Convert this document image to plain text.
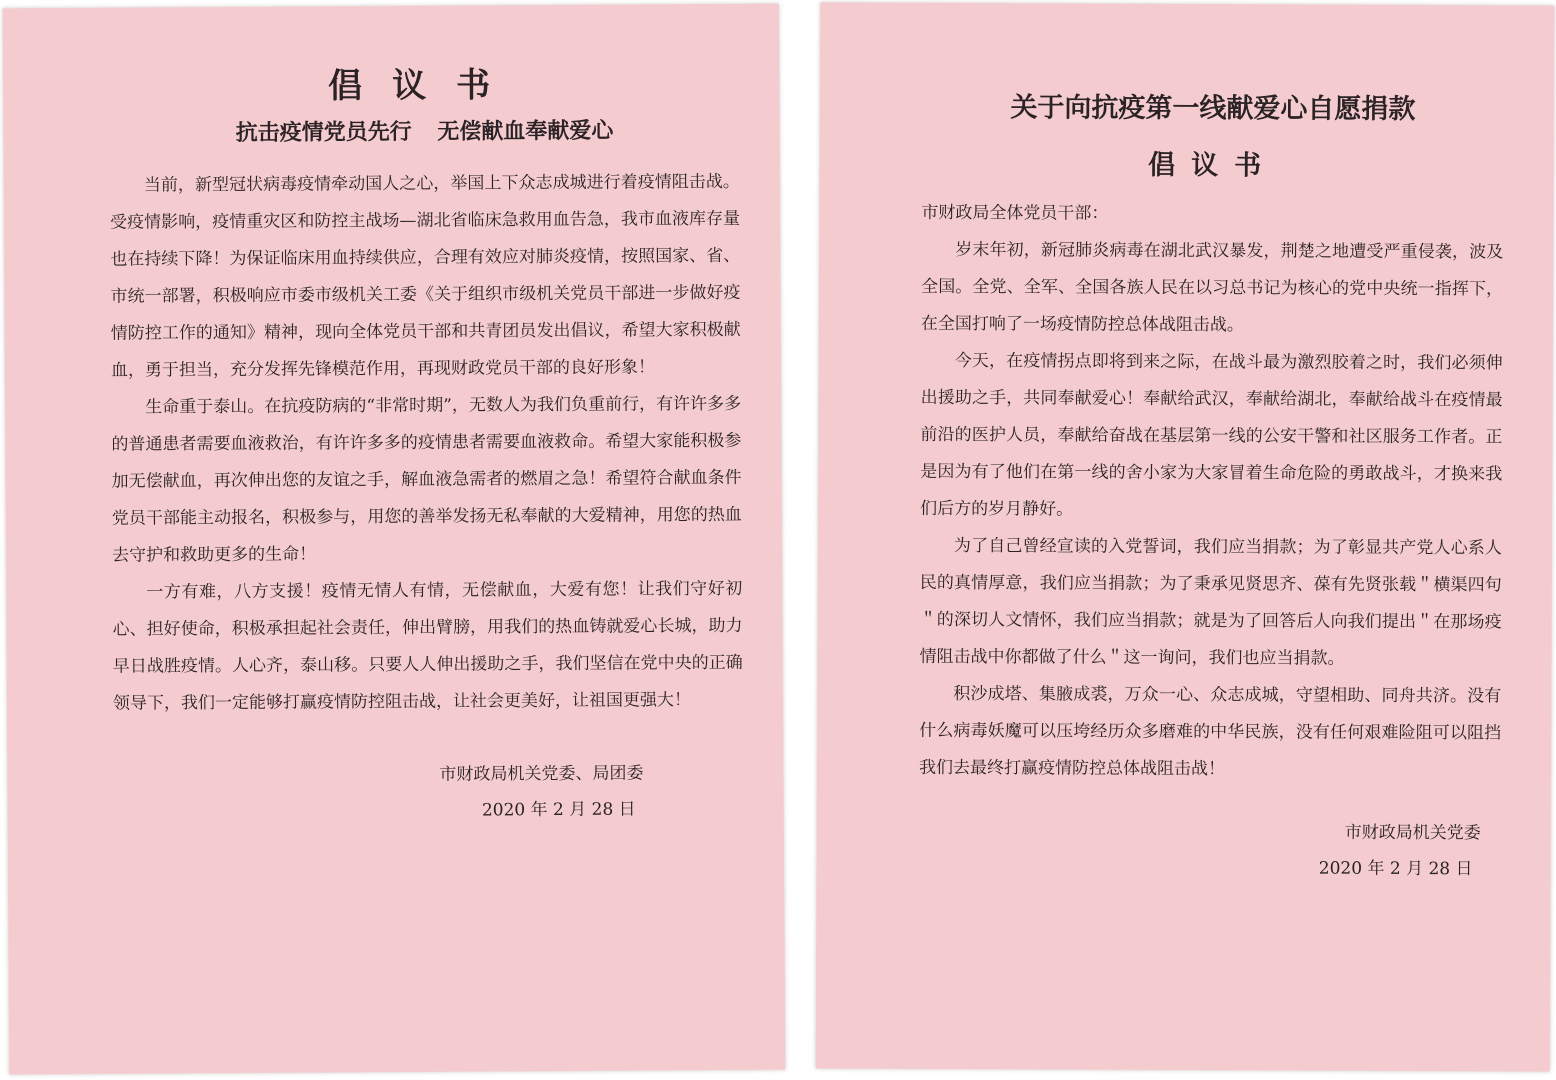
倡议书
抗击疫情党员先行 无偿献血奉献爱心

当前，新型冠状病毒疫情牵动国人之心，举国上下众志成城进行着疫情阻击战。受疫情影响，疫情重灾区和防控主战场—湖北省临床急救用血告急，我市血液库存量也在持续下降！为保证临床用血持续供应，合理有效应对肺炎疫情，按照国家、省、市统一部署，积极响应市委市级机关工委《关于组织市级机关党员干部进一步做好疫情防控工作的通知》精神，现向全体党员干部和共青团员发出倡议，希望大家积极献血，勇于担当，充分发挥先锋模范作用，再现财政党员干部的良好形象！

生命重于泰山。在抗疫防病的“非常时期”，无数人为我们负重前行，有许许多多的普通患者需要血液救治，有许许多多的疫情患者需要血液救命。希望大家能积极参加无偿献血，再次伸出您的友谊之手，解血液急需者的燃眉之急！希望符合献血条件党员干部能主动报名，积极参与，用您的善举发扬无私奉献的大爱精神，用您的热血去守护和救助更多的生命！

一方有难，八方支援！疫情无情人有情，无偿献血，大爱有您！让我们守好初心、担好使命，积极承担起社会责任，伸出臂膀，用我们的热血铸就爱心长城，助力早日战胜疫情。人心齐，泰山移。只要人人伸出援助之手，我们坚信在党中央的正确领导下，我们一定能够打赢疫情防控阻击战，让社会更美好，让祖国更强大！

市财政局机关党委、局团委
2020 年 2 月 28 日
关于向抗疫第一线献爱心自愿捐款
倡议书

市财政局全体党员干部：

岁末年初，新冠肺炎病毒在湖北武汉暴发，荆楚之地遭受严重侵袭，波及全国。全党、全军、全国各族人民在以习总书记为核心的党中央统一指挥下，在全国打响了一场疫情防控总体战阻击战。

今天，在疫情拐点即将到来之际，在战斗最为激烈胶着之时，我们必须伸出援助之手，共同奉献爱心！奉献给武汉，奉献给湖北，奉献给战斗在疫情最前沿的医护人员，奉献给奋战在基层第一线的公安干警和社区服务工作者。正是因为有了他们在第一线的舍小家为大家冒着生命危险的勇敢战斗，才换来我们后方的岁月静好。

为了自己曾经宣读的入党誓词，我们应当捐款；为了彰显共产党人心系人民的真情厚意，我们应当捐款；为了秉承见贤思齐、葆有先贤张载＂横渠四句＂的深切人文情怀，我们应当捐款；就是为了回答后人向我们提出＂在那场疫情阻击战中你都做了什么＂这一询问，我们也应当捐款。

积沙成塔、集腋成裘，万众一心、众志成城，守望相助、同舟共济。没有什么病毒妖魔可以压垮经历众多磨难的中华民族，没有任何艰难险阻可以阻挡我们去最终打赢疫情防控总体战阻击战！

市财政局机关党委
2020 年 2 月 28 日
